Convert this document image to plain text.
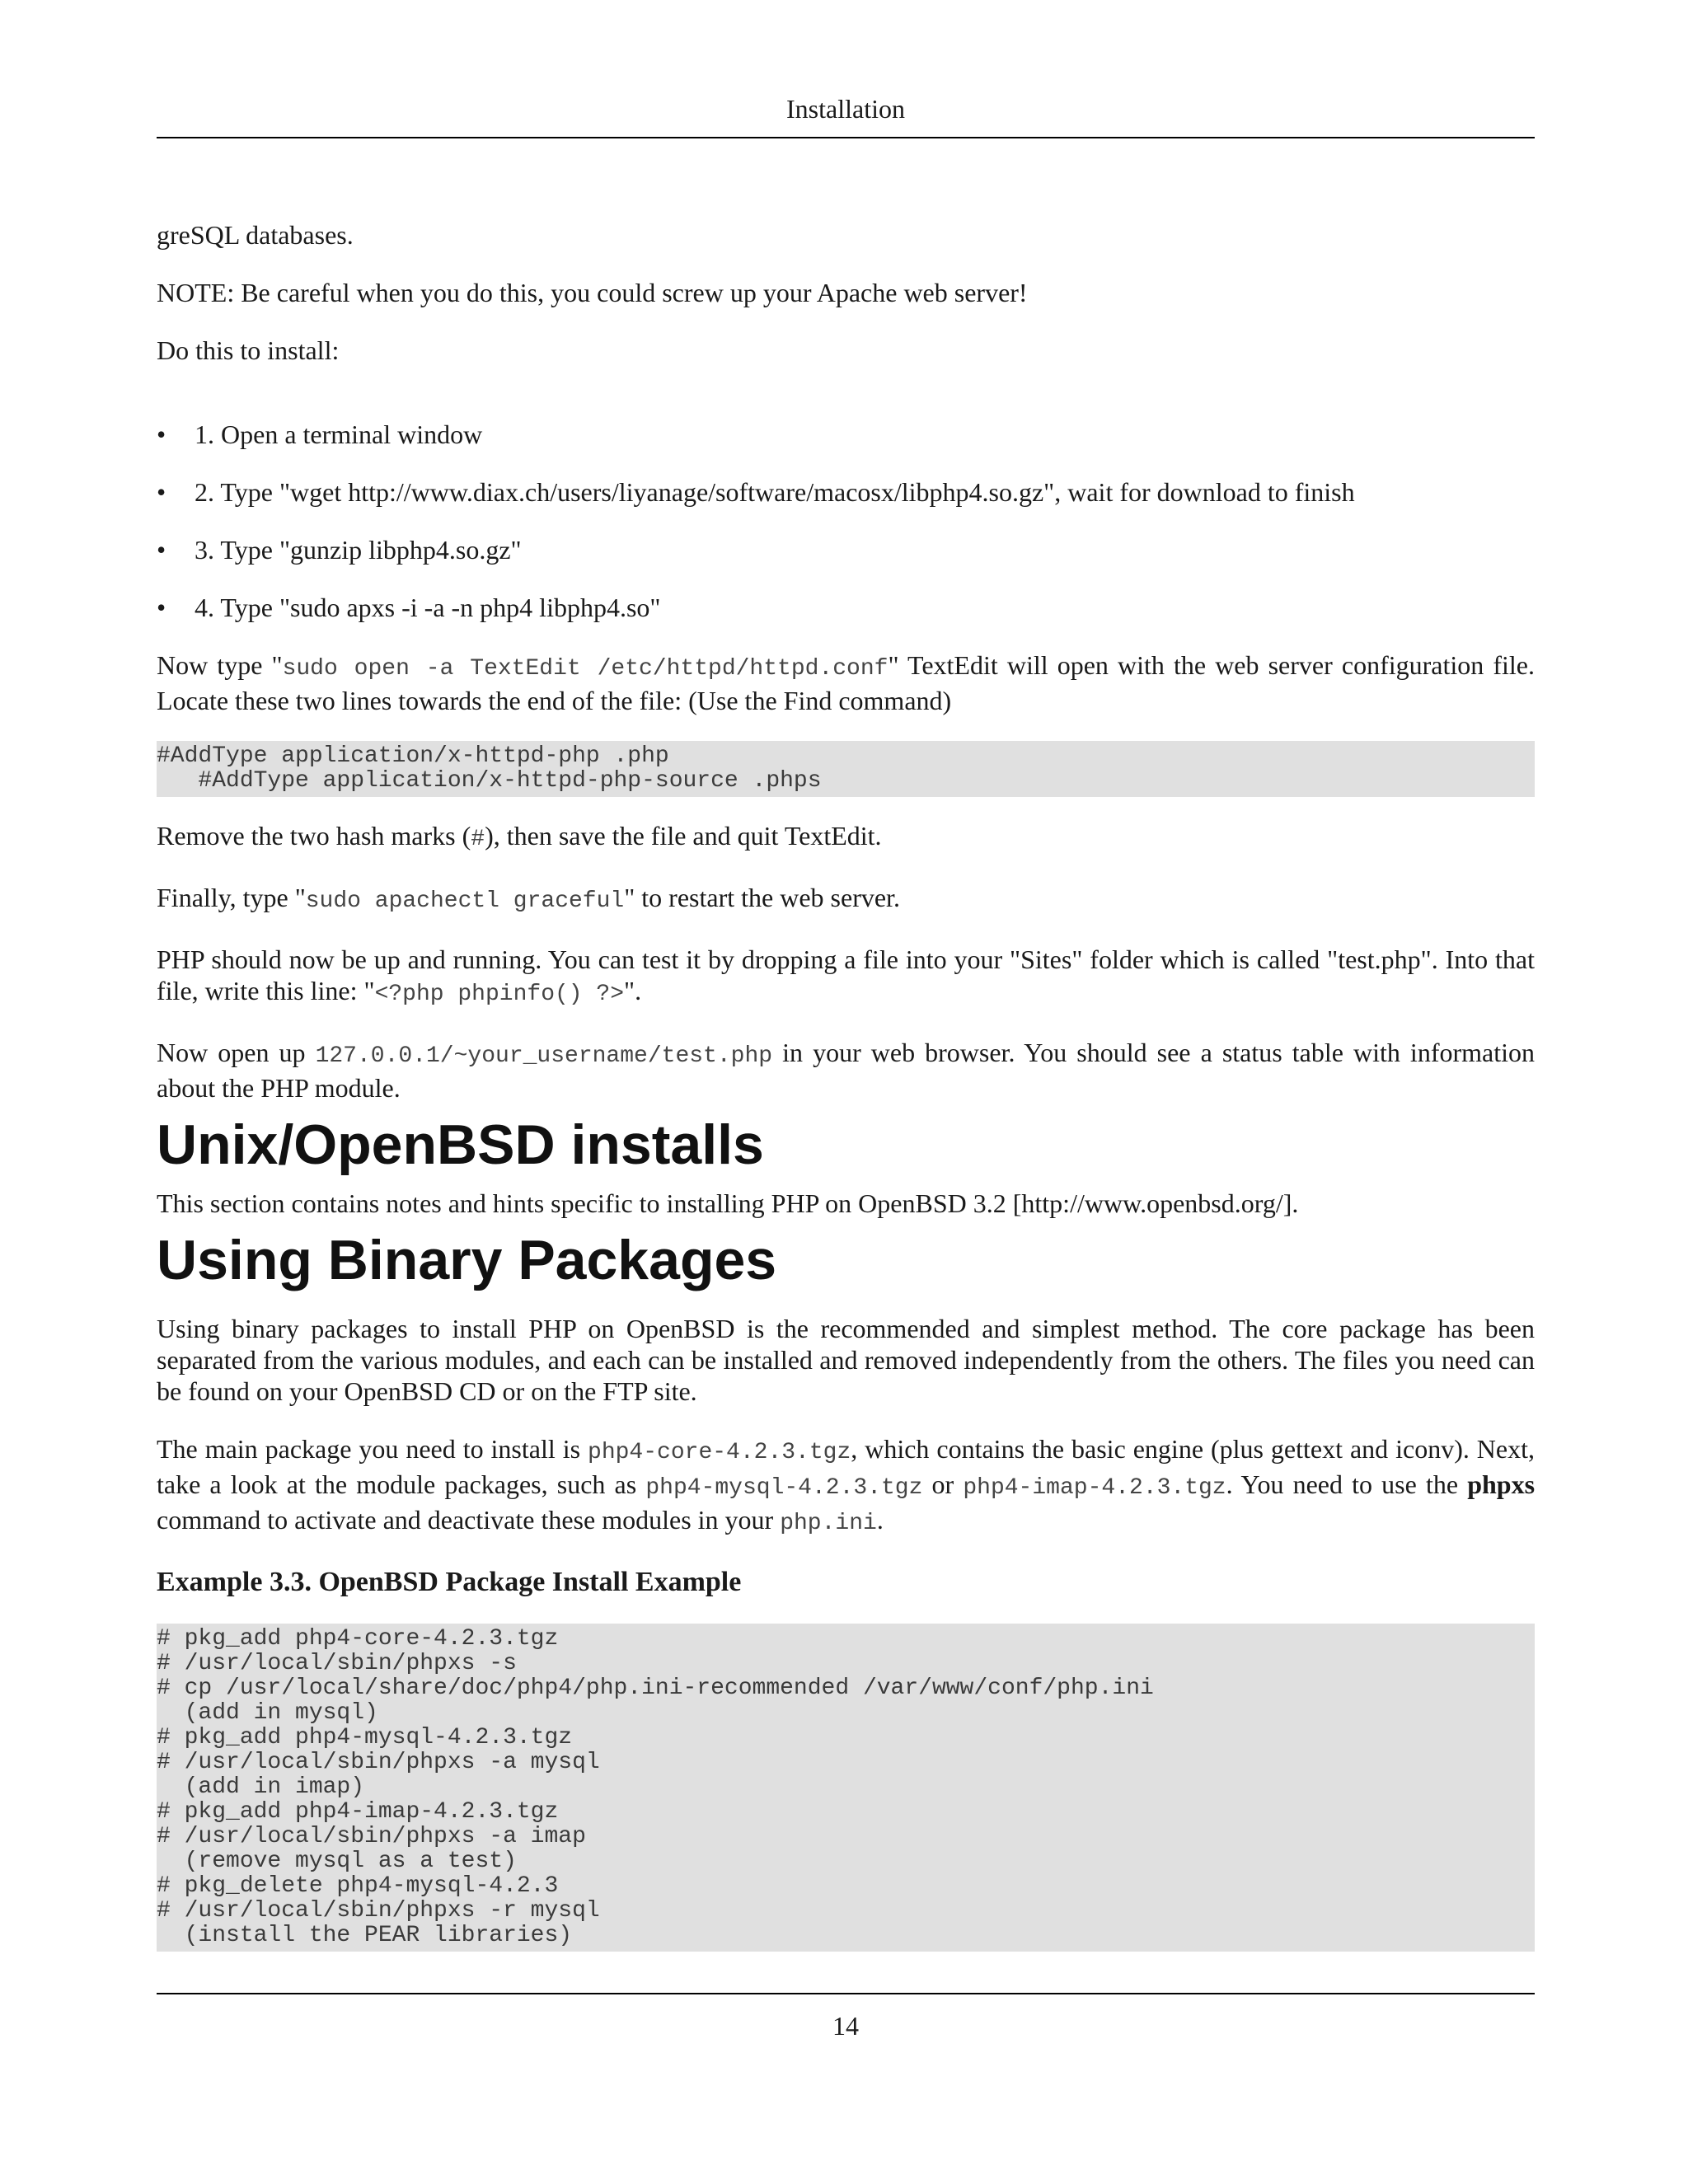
Installation

greSQL databases.

NOTE: Be careful when you do this, you could screw up your Apache web server!

Do this to install:

• 1. Open a terminal window
• 2. Type "wget http://www.diax.ch/users/liyanage/software/macosx/libphp4.so.gz", wait for download to finish
• 3. Type "gunzip libphp4.so.gz"
• 4. Type "sudo apxs -i -a -n php4 libphp4.so"

Now type "sudo open -a TextEdit /etc/httpd/httpd.conf" TextEdit will open with the web server configuration file. Locate these two lines towards the end of the file: (Use the Find command)

#AddType application/x-httpd-php .php
#AddType application/x-httpd-php-source .phps

Remove the two hash marks (#), then save the file and quit TextEdit.

Finally, type "sudo apachectl graceful" to restart the web server.

PHP should now be up and running. You can test it by dropping a file into your "Sites" folder which is called "test.php". Into that file, write this line: "<?php phpinfo() ?>".

Now open up 127.0.0.1/~your_username/test.php in your web browser. You should see a status table with information about the PHP module.

Unix/OpenBSD installs

This section contains notes and hints specific to installing PHP on OpenBSD 3.2 [http://www.openbsd.org/].

Using Binary Packages

Using binary packages to install PHP on OpenBSD is the recommended and simplest method. The core package has been separated from the various modules, and each can be installed and removed independently from the others. The files you need can be found on your OpenBSD CD or on the FTP site.

The main package you need to install is php4-core-4.2.3.tgz, which contains the basic engine (plus gettext and iconv). Next, take a look at the module packages, such as php4-mysql-4.2.3.tgz or php4-imap-4.2.3.tgz. You need to use the phpxs command to activate and deactivate these modules in your php.ini.

Example 3.3. OpenBSD Package Install Example
# pkg_add php4-core-4.2.3.tgz
# /usr/local/sbin/phpxs -s
# cp /usr/local/share/doc/php4/php.ini-recommended /var/www/conf/php.ini
(add in mysql)
# pkg_add php4-mysql-4.2.3.tgz
# /usr/local/sbin/phpxs -a mysql
(add in imap)
# pkg_add php4-imap-4.2.3.tgz
# /usr/local/sbin/phpxs -a imap
(remove mysql as a test)
# pkg_delete php4-mysql-4.2.3
# /usr/local/sbin/phpxs -r mysql
(install the PEAR libraries)
14
